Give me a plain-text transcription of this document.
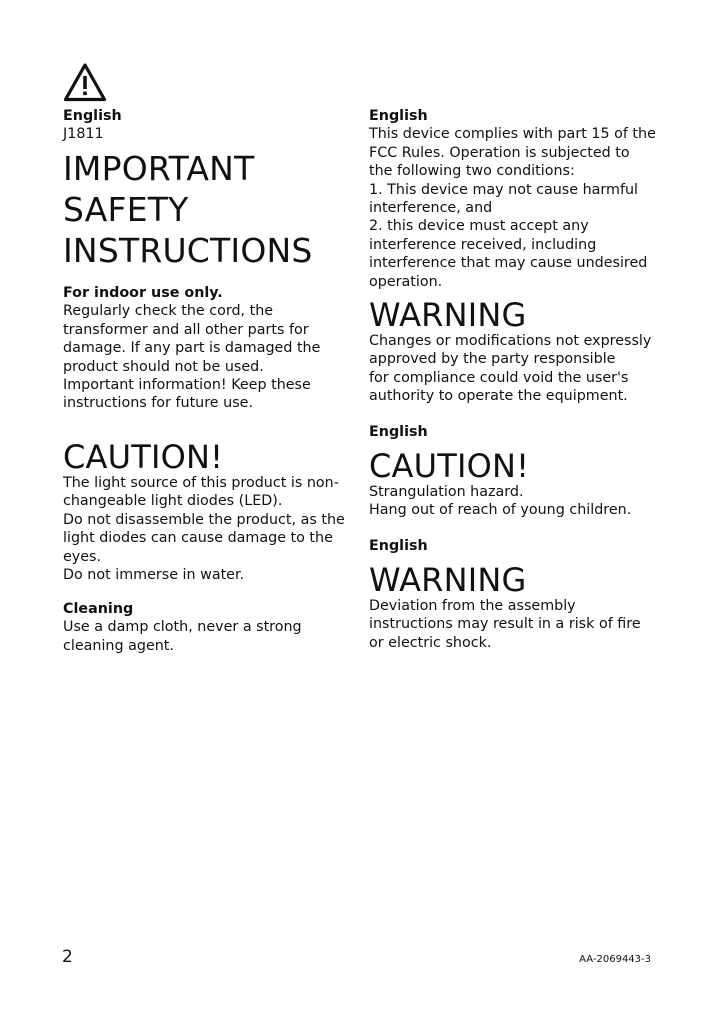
English

J1811

IMPORTANT

SAFETY

INSTRUCTIONS

For indoor use only.

Regularly check the cord, the
transformer and all other parts for
damage. If any part is damaged the
product should not be used.
Important information! Keep these
instructions for future use.

CAUTION!

The light source of this product is non-
changeable light diodes (LED).
Do not disassemble the product, as the
light diodes can cause damage to the
eyes.
Do not immerse in water.

Cleaning

Use a damp cloth, never a strong
cleaning agent.

English

This device complies with part 15 of the
FCC Rules. Operation is subjected to
the following two conditions:
1. This device may not cause harmful
interference, and
2. this device must accept any
interference received, including
interference that may cause undesired
operation.

WARNING

Changes or modifications not expressly
approved by the party responsible
for compliance could void the user's
authority to operate the equipment.

English

CAUTION!

Strangulation hazard.
Hang out of reach of young children.

English

WARNING

Deviation from the assembly
instructions may result in a risk of fire
or electric shock.

2	AA-2069443-3
